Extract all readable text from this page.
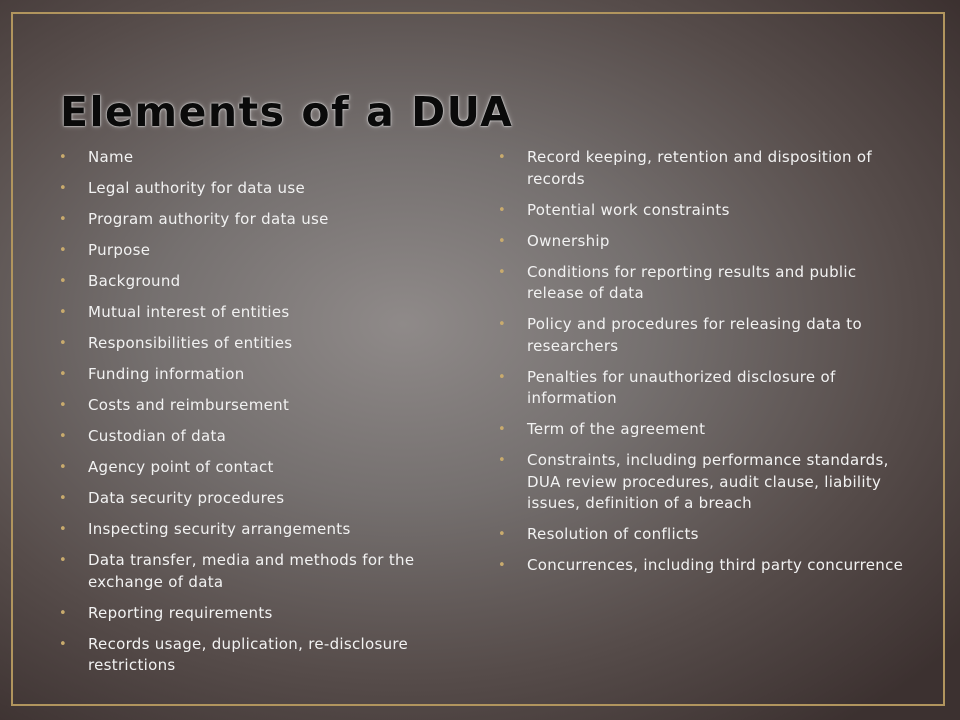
Elements of a DUA
• Name
• Legal authority for data use
• Program authority for data use
• Purpose
• Background
• Mutual interest of entities
• Responsibilities of entities
• Funding information
• Costs and reimbursement
• Custodian of data
• Agency point of contact
• Data security procedures
• Inspecting security arrangements
• Data transfer, media and methods for the exchange of data
• Reporting requirements
• Records usage, duplication, re-disclosure restrictions
• Record keeping, retention and disposition of records
• Potential work constraints
• Ownership
• Conditions for reporting results and public release of data
• Policy and procedures for releasing data to researchers
• Penalties for unauthorized disclosure of information
• Term of the agreement
• Constraints, including performance standards, DUA review procedures, audit clause, liability issues, definition of a breach
• Resolution of conflicts
• Concurrences, including third party concurrence
